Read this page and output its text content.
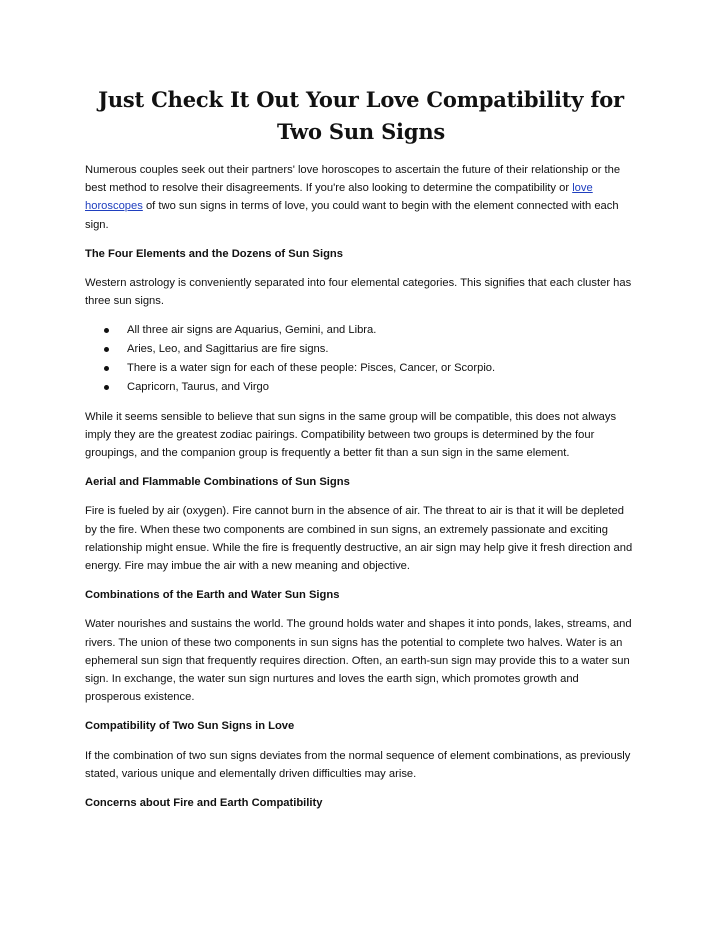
Just Check It Out Your Love Compatibility for Two Sun Signs

Numerous couples seek out their partners' love horoscopes to ascertain the future of their relationship or the best method to resolve their disagreements. If you're also looking to determine the compatibility or love horoscopes of two sun signs in terms of love, you could want to begin with the element connected with each sign.

The Four Elements and the Dozens of Sun Signs

Western astrology is conveniently separated into four elemental categories. This signifies that each cluster has three sun signs.

All three air signs are Aquarius, Gemini, and Libra.
Aries, Leo, and Sagittarius are fire signs.
There is a water sign for each of these people: Pisces, Cancer, or Scorpio.
Capricorn, Taurus, and Virgo

While it seems sensible to believe that sun signs in the same group will be compatible, this does not always imply they are the greatest zodiac pairings. Compatibility between two groups is determined by the four groupings, and the companion group is frequently a better fit than a sun sign in the same element.

Aerial and Flammable Combinations of Sun Signs

Fire is fueled by air (oxygen). Fire cannot burn in the absence of air. The threat to air is that it will be depleted by the fire. When these two components are combined in sun signs, an extremely passionate and exciting relationship might ensue. While the fire is frequently destructive, an air sign may help give it fresh direction and energy. Fire may imbue the air with a new meaning and objective.

Combinations of the Earth and Water Sun Signs

Water nourishes and sustains the world. The ground holds water and shapes it into ponds, lakes, streams, and rivers. The union of these two components in sun signs has the potential to complete two halves. Water is an ephemeral sun sign that frequently requires direction. Often, an earth-sun sign may provide this to a water sun sign. In exchange, the water sun sign nurtures and loves the earth sign, which promotes growth and prosperous existence.

Compatibility of Two Sun Signs in Love

If the combination of two sun signs deviates from the normal sequence of element combinations, as previously stated, various unique and elementally driven difficulties may arise.

Concerns about Fire and Earth Compatibility
